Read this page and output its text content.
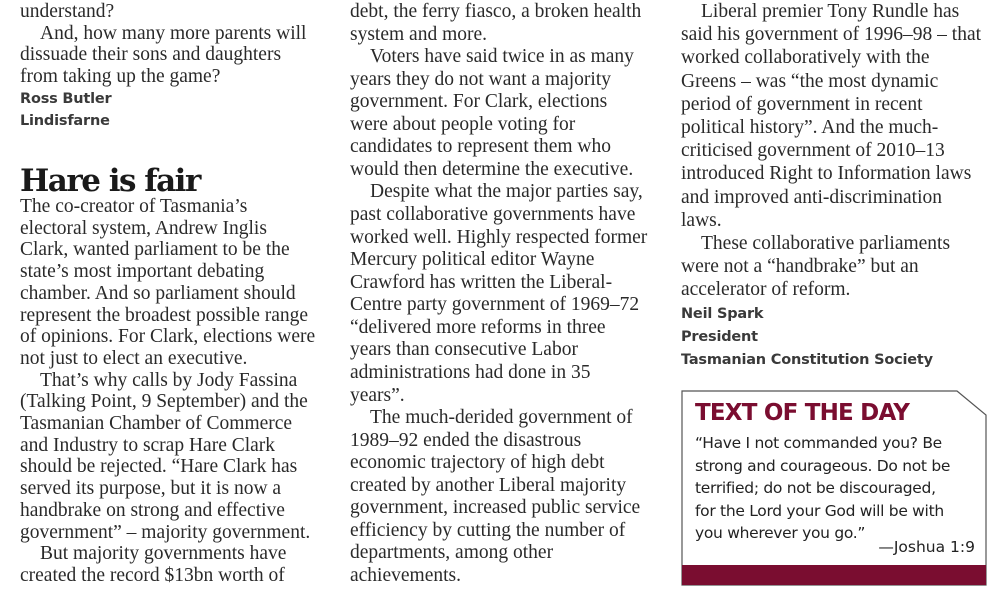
understand?
And, how many more parents will
dissuade their sons and daughters
from taking up the game?
Ross Butler
Lindisfarne
Hare is fair
The co-creator of Tasmania’s
electoral system, Andrew Inglis
Clark, wanted parliament to be the
state’s most important debating
chamber. And so parliament should
represent the broadest possible range
of opinions. For Clark, elections were
not just to elect an executive.
That’s why calls by Jody Fassina
(Talking Point, 9 September) and the
Tasmanian Chamber of Commerce
and Industry to scrap Hare Clark
should be rejected. “Hare Clark has
served its purpose, but it is now a
handbrake on strong and effective
government” – majority government.
But majority governments have
created the record $13bn worth of
debt, the ferry fiasco, a broken health
system and more.
Voters have said twice in as many
years they do not want a majority
government. For Clark, elections
were about people voting for
candidates to represent them who
would then determine the executive.
Despite what the major parties say,
past collaborative governments have
worked well. Highly respected former
Mercury political editor Wayne
Crawford has written the Liberal-
Centre party government of 1969–72
“delivered more reforms in three
years than consecutive Labor
administrations had done in 35
years”.
The much-derided government of
1989–92 ended the disastrous
economic trajectory of high debt
created by another Liberal majority
government, increased public service
efficiency by cutting the number of
departments, among other
achievements.
Liberal premier Tony Rundle has
said his government of 1996–98 – that
worked collaboratively with the
Greens – was “the most dynamic
period of government in recent
political history”. And the much-
criticised government of 2010–13
introduced Right to Information laws
and improved anti-discrimination
laws.
These collaborative parliaments
were not a “handbrake” but an
accelerator of reform.
Neil Spark
President
Tasmanian Constitution Society
TEXT OF THE DAY
“Have I not commanded you? Be
strong and courageous. Do not be
terrified; do not be discouraged,
for the Lord your God will be with
you wherever you go.”
—Joshua 1:9
